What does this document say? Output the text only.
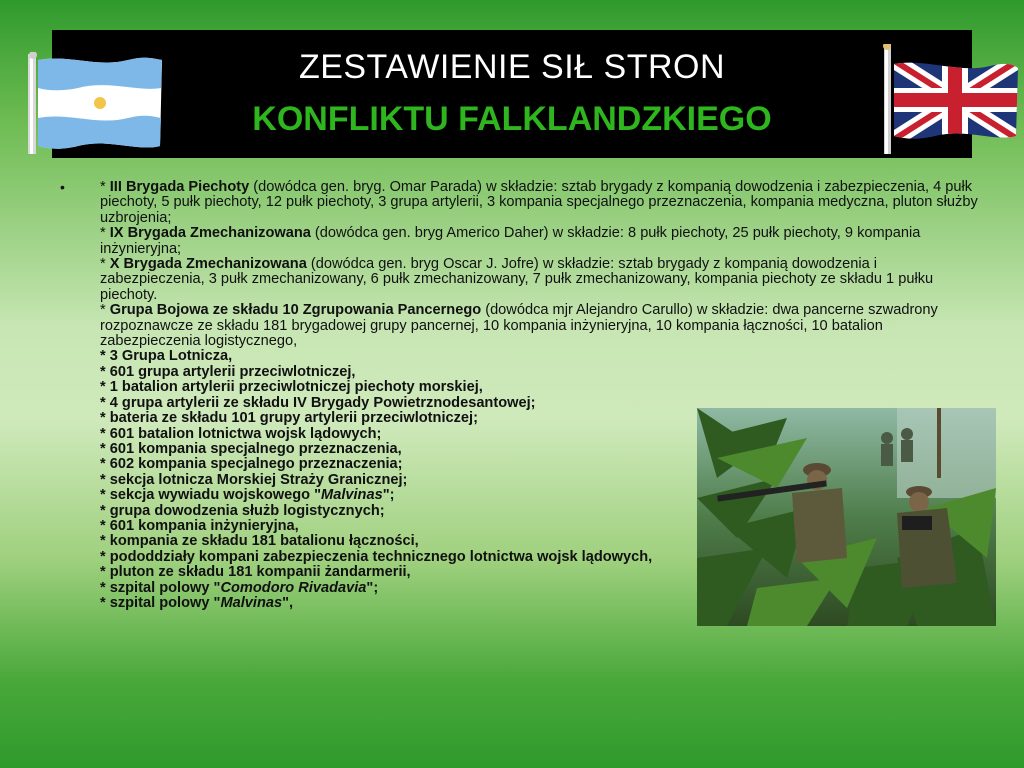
ZESTAWIENIE SIŁ STRON
KONFLIKTU FALKLANDZKIEGO
• * III Brygada Piechoty (dowódca gen. bryg. Omar Parada) w składzie: sztab brygady z kompanią dowodzenia i zabezpieczenia, 4 pułk piechoty, 5 pułk piechoty, 12 pułk piechoty, 3 grupa artylerii, 3 kompania specjalnego przeznaczenia, kompania medyczna, pluton służby uzbrojenia;

* IX Brygada Zmechanizowana (dowódca gen. bryg Americo Daher) w składzie: 8 pułk piechoty, 25 pułk piechoty, 9 kompania inżynieryjna;

* X Brygada Zmechanizowana (dowódca gen. bryg Oscar J. Jofre) w składzie: sztab brygady z kompanią dowodzenia i zabezpieczenia, 3 pułk zmechanizowany, 6 pułk zmechanizowany, 7 pułk zmechanizowany, kompania piechoty ze składu 1 pułku piechoty.

* Grupa Bojowa ze składu 10 Zgrupowania Pancernego (dowódca mjr Alejandro Carullo) w składzie: dwa pancerne szwadrony rozpoznawcze ze składu 181 brygadowej grupy pancernej, 10 kompania inżynieryjna, 10 kompania łączności, 10 batalion zabezpieczenia logistycznego,

* 3 Grupa Lotnicza,

* 601 grupa artylerii przeciwlotniczej,

* 1 batalion artylerii przeciwlotniczej piechoty morskiej,

* 4 grupa artylerii ze składu IV Brygady Powietrznodesantowej;

* bateria ze składu 101 grupy artylerii przeciwlotniczej;

* 601 batalion lotnictwa wojsk lądowych;

* 601 kompania specjalnego przeznaczenia,

* 602 kompania specjalnego przeznaczenia;

* sekcja lotnicza Morskiej Straży Granicznej;

* sekcja wywiadu wojskowego "Malvinas";

* grupa dowodzenia służb logistycznych;

* 601 kompania inżynieryjna,

* kompania ze składu 181 batalionu łączności,

* pododdziały kompani zabezpieczenia technicznego lotnictwa wojsk lądowych,

* pluton ze składu 181 kompanii żandarmerii,

* szpital polowy "Comodoro Rivadavia";

* szpital polowy "Malvinas",
